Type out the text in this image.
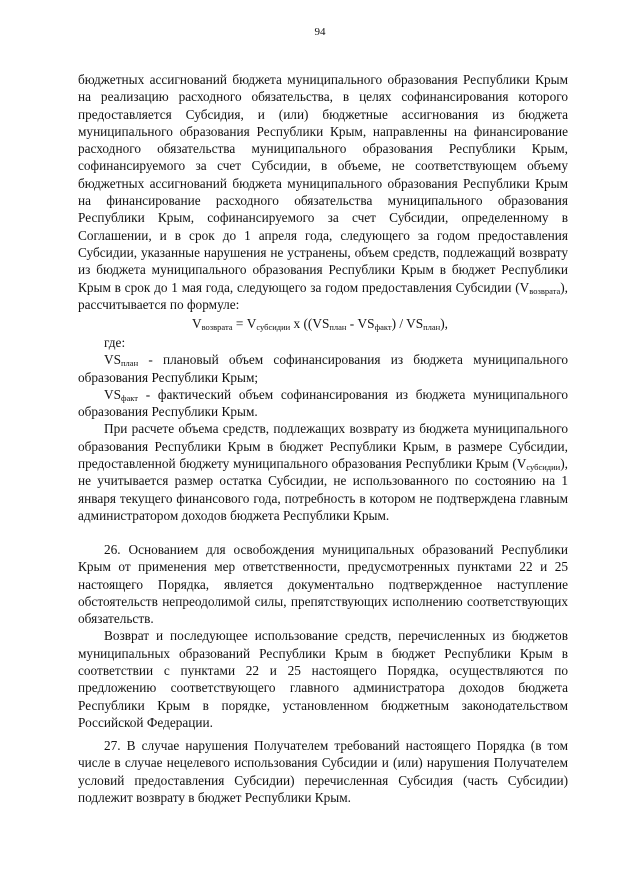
94

бюджетных ассигнований бюджета муниципального образования Республики Крым на реализацию расходного обязательства, в целях софинансирования которого предоставляется Субсидия, и (или) бюджетные ассигнования из бюджета муниципального образования Республики Крым, направленны на финансирование расходного обязательства муниципального образования Республики Крым, софинансируемого за счет Субсидии, в объеме, не соответствующем объему бюджетных ассигнований бюджета муниципального образования Республики Крым на финансирование расходного обязательства муниципального образования Республики Крым, софинансируемого за счет Субсидии, определенному в Соглашении, и в срок до 1 апреля года, следующего за годом предоставления Субсидии, указанные нарушения не устранены, объем средств, подлежащий возврату из бюджета муниципального образования Республики Крым в бюджет Республики Крым в срок до 1 мая года, следующего за годом предоставления Субсидии $(V_{возврата})$, рассчитывается по формуле:

$V_{возврата} = V_{субсидии}$ x $((VS_{план} - VS_{факт}) / VS_{план})$,

где:

$VS_{план}$ - плановый объем софинансирования из бюджета муниципального образования Республики Крым;

$VS_{факт}$ - фактический объем софинансирования из бюджета муниципального образования Республики Крым.

При расчете объема средств, подлежащих возврату из бюджета муниципального образования Республики Крым в бюджет Республики Крым, в размере Субсидии, предоставленной бюджету муниципального образования Республики Крым $(V_{субсидии})$, не учитывается размер остатка Субсидии, не использованного по состоянию на 1 января текущего финансового года, потребность в котором не подтверждена главным администратором доходов бюджета Республики Крым.

26. Основанием для освобождения муниципальных образований Республики Крым от применения мер ответственности, предусмотренных пунктами 22 и 25 настоящего Порядка, является документально подтвержденное наступление обстоятельств непреодолимой силы, препятствующих исполнению соответствующих обязательств.

Возврат и последующее использование средств, перечисленных из бюджетов муниципальных образований Республики Крым в бюджет Республики Крым в соответствии с пунктами 22 и 25 настоящего Порядка, осуществляются по предложению соответствующего главного администратора доходов бюджета Республики Крым в порядке, установленном бюджетным законодательством Российской Федерации.

27. В случае нарушения Получателем требований настоящего Порядка (в том числе в случае нецелевого использования Субсидии и (или) нарушения Получателем условий предоставления Субсидии) перечисленная Субсидия (часть Субсидии) подлежит возврату в бюджет Республики Крым.
